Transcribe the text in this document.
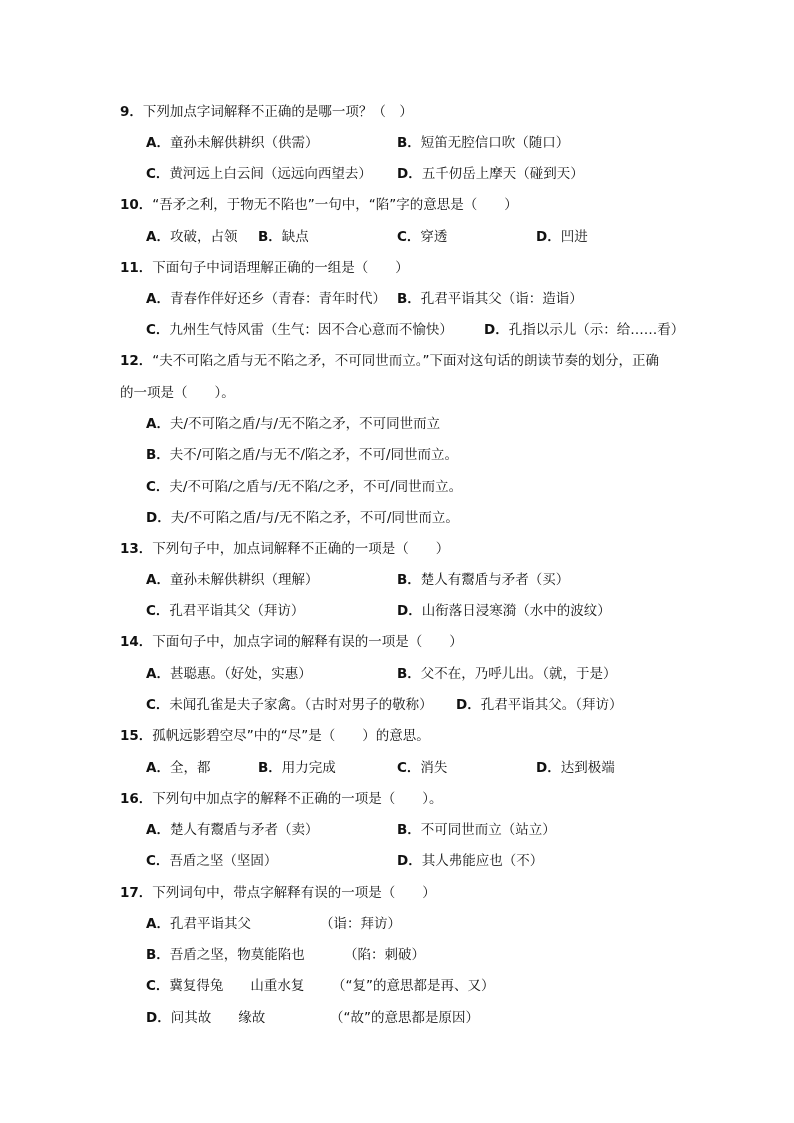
9．下列加点字词解释不正确的是哪一项？（　）
A．童孙未解供耕织（供需）	B．短笛无腔信口吹（随口）
C．黄河远上白云间（远远向西望去） D．五千仞岳上摩天（碰到天）
10．“吾矛之利，于物无不陷也”一句中，“陷”字的意思是（　　）
A．攻破，占领 B．缺点	C．穿透	D．凹进
11．下面句子中词语理解正确的一组是（　　）
A．青春作伴好还乡（青春：青年时代） B．孔君平诣其父（诣：造诣）
C．九州生气恃风雷（生气：因不合心意而不愉快） D．孔指以示儿（示：给……看）
12．“夫不可陷之盾与无不陷之矛，不可同世而立。”下面对这句话的朗读节奏的划分，正确
的一项是（　　）。
A．夫/不可陷之盾/与/无不陷之矛，不可同世而立
B．夫不/可陷之盾/与无不/陷之矛，不可/同世而立。
C．夫/不可陷/之盾与/无不陷/之矛，不可/同世而立。
D．夫/不可陷之盾/与/无不陷之矛，不可/同世而立。
13．下列句子中，加点词解释不正确的一项是（　　）
A．童孙未解供耕织（理解）	B．楚人有鬻盾与矛者（买）
C．孔君平诣其父（拜访）	D．山衔落日浸寒漪（水中的波纹）
14．下面句子中，加点字词的解释有误的一项是（　　）
A．甚聪惠。（好处，实惠）	B．父不在，乃呼儿出。（就，于是）
C．未闻孔雀是夫子家禽。（古时对男子的敬称） D．孔君平诣其父。（拜访）
15．孤帆远影碧空尽”中的“尽”是（　　）的意思。
A．全，都	B．用力完成	C．消失	D．达到极端
16．下列句中加点字的解释不正确的一项是（　　）。
A．楚人有鬻盾与矛者（卖）	B．不可同世而立（站立）
C．吾盾之坚（坚固）	D．其人弗能应也（不）
17．下列词句中，带点字解释有误的一项是（　　）
A．孔君平诣其父	（诣：拜访）
B．吾盾之坚，物莫能陷也	（陷：刺破）
C．冀复得兔　　山重水复 （“复”的意思都是再、又）
D．问其故　　缘故	（“故”的意思都是原因）
